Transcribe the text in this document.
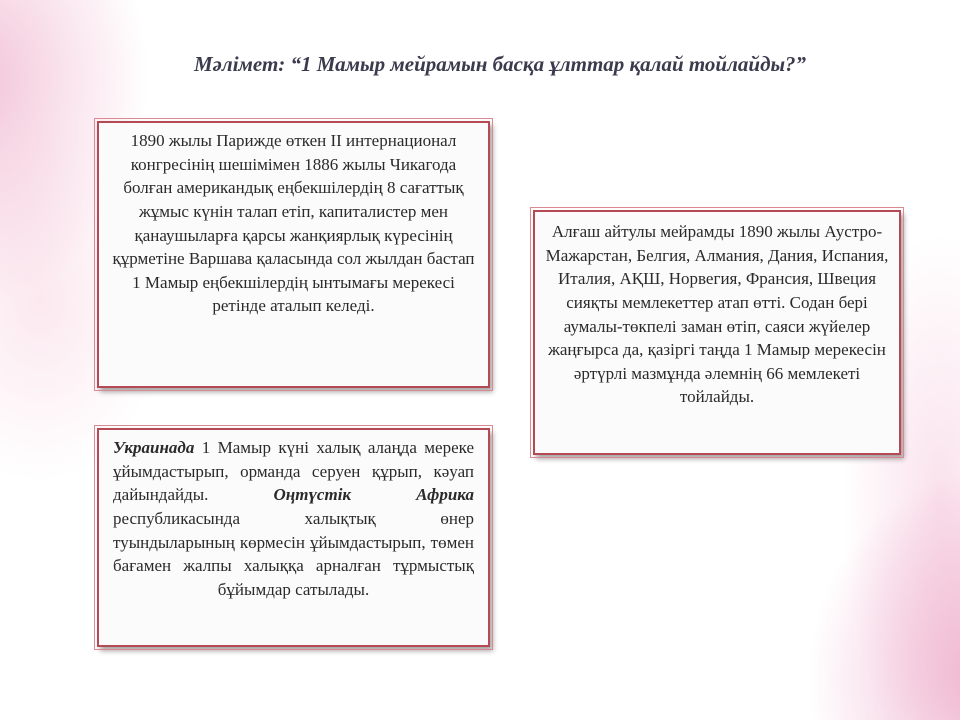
Мәлімет: “1 Мамыр мейрамын басқа ұлттар қалай тойлайды?”

1890 жылы Парижде өткен II интернационал конгресінің шешімімен 1886 жылы Чикагода болған американдық еңбекшілердің 8 сағаттық жұмыс күнін талап етіп, капиталистер мен қанаушыларға қарсы жанқиярлық күресінің құрметіне Варшава қаласында сол жылдан бастап 1 Мамыр еңбекшілердің ынтымағы мерекесі ретінде аталып келеді.

Алғаш айтулы мейрамды 1890 жылы Аустро-Мажарстан, Белгия, Алмания, Дания, Испания, Италия, АҚШ, Норвегия, Франсия, Швеция сияқты мемлекеттер атап өтті. Содан бері аумалы-төкпелі заман өтіп, саяси жүйелер жаңғырса да, қазіргі таңда 1 Мамыр мерекесін әртүрлі мазмұнда әлемнің 66 мемлекеті тойлайды.

Украинада 1 Мамыр күні халық алаңда мереке ұйымдастырып, орманда серуен құрып, кәуап дайындайды. Оңтүстік Африка республикасында халықтық өнер туындыларының көрмесін ұйымдастырып, төмен бағамен жалпы халыққа арналған тұрмыстық бұйымдар сатылады.
